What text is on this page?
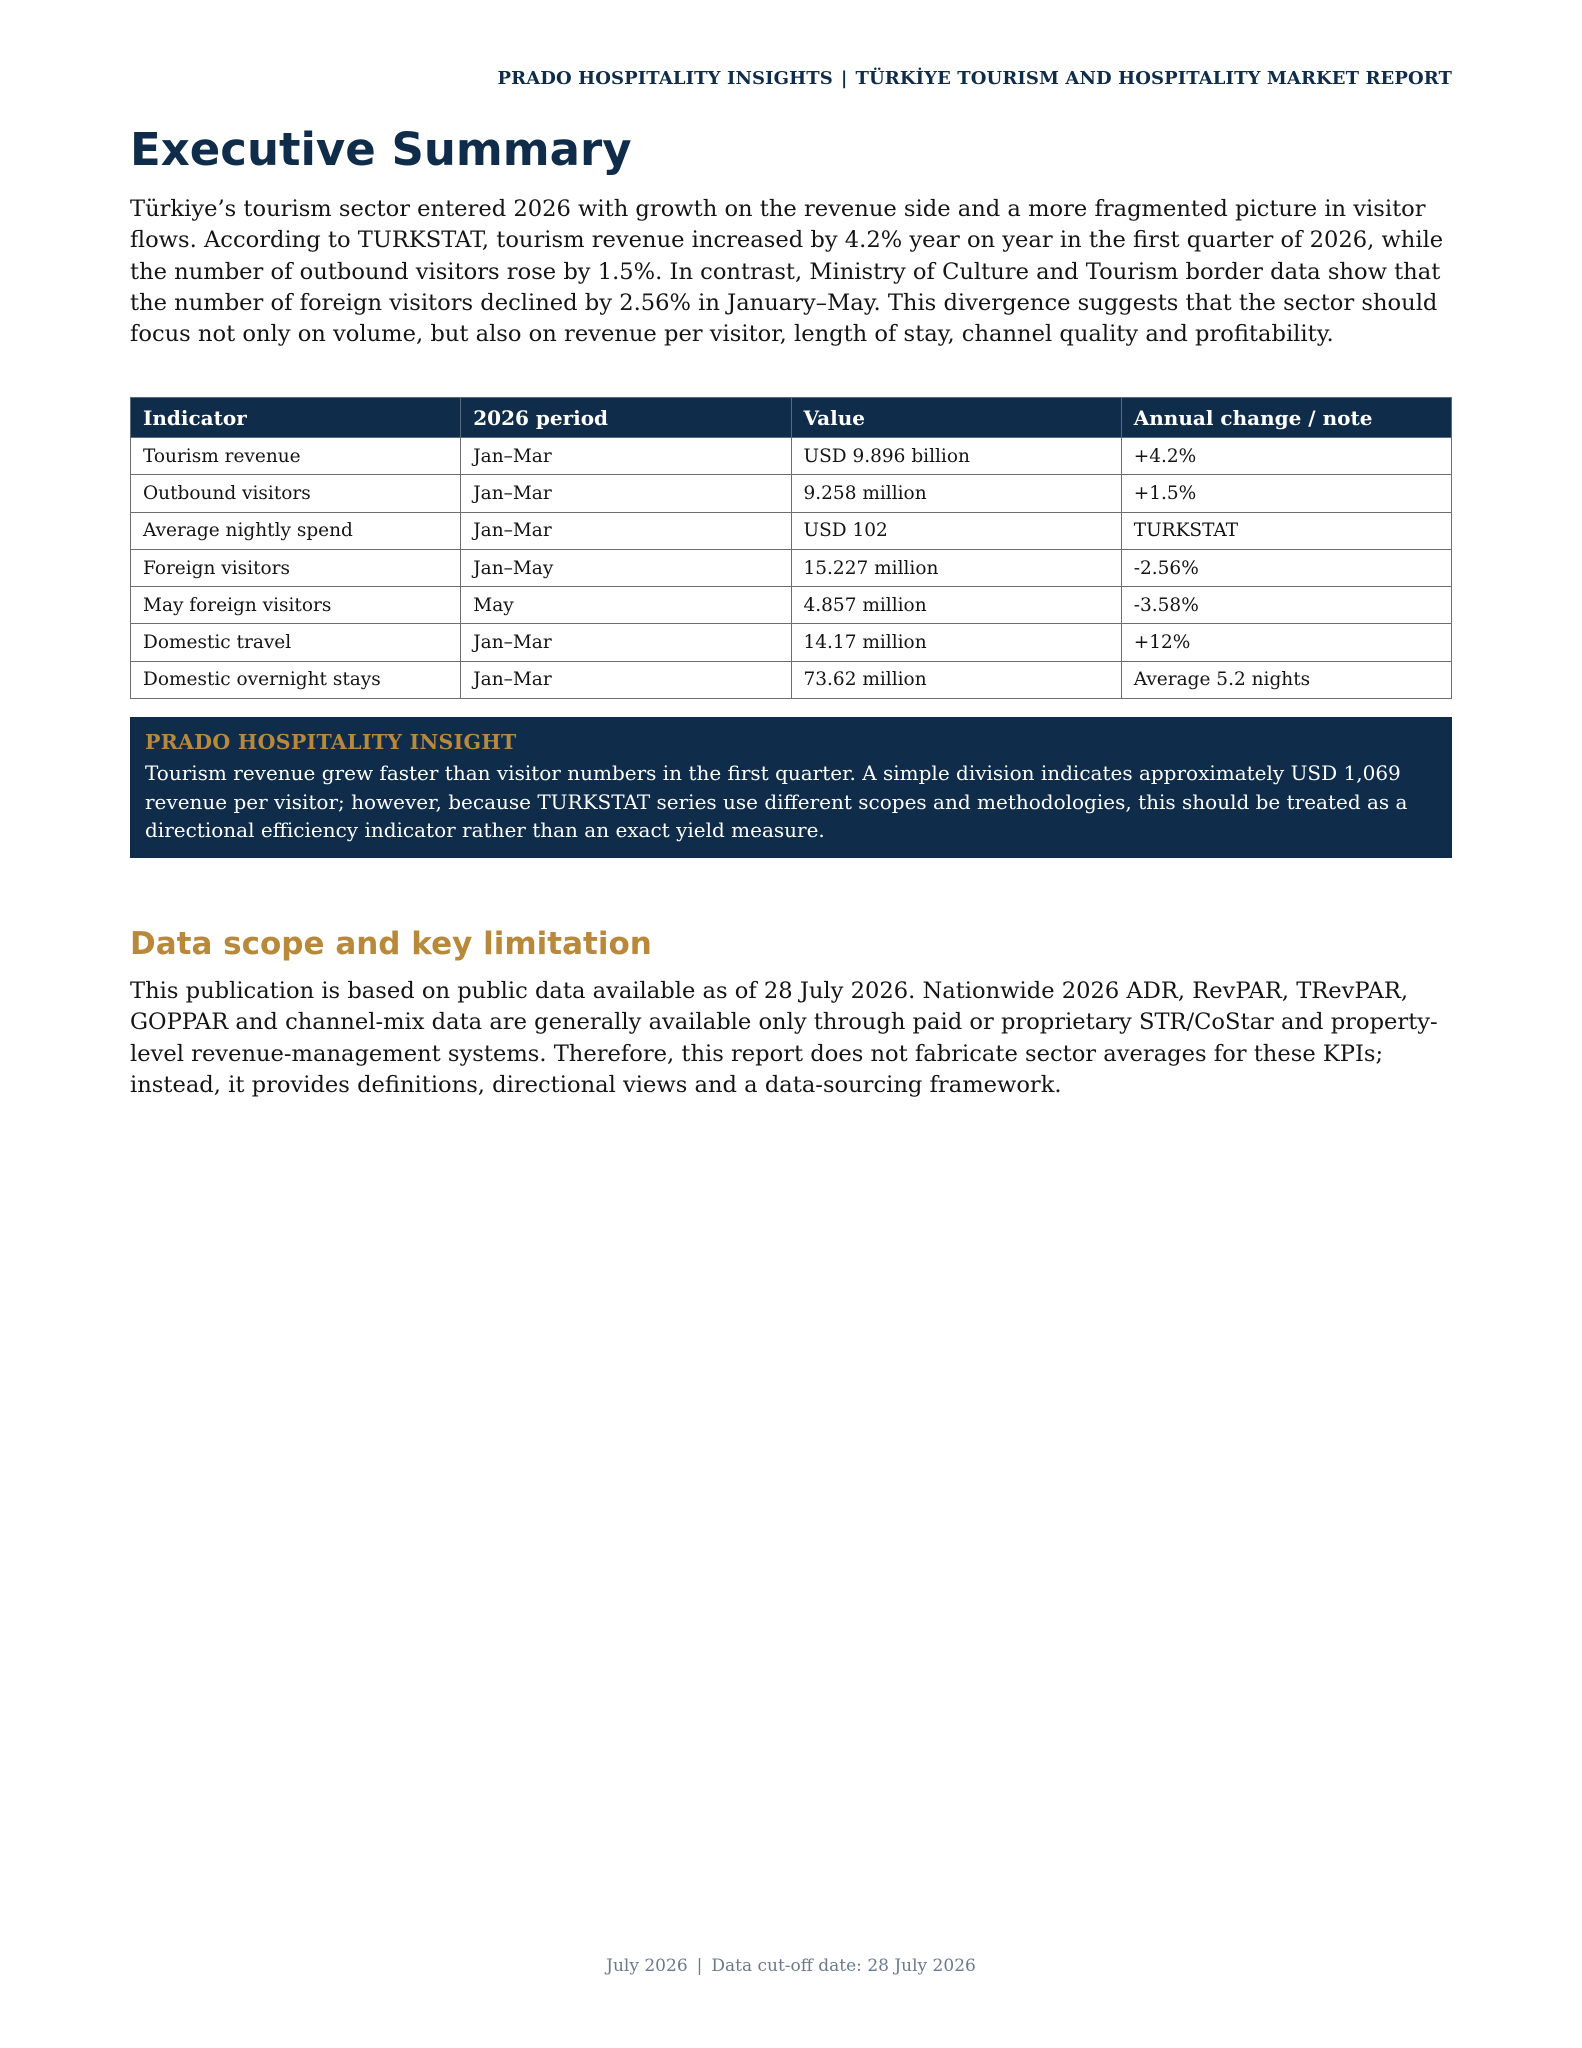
PRADO HOSPITALITY INSIGHTS | TÜRKİYE TOURISM AND HOSPITALITY MARKET REPORT
Executive Summary

Türkiye’s tourism sector entered 2026 with growth on the revenue side and a more fragmented picture in visitor flows. According to TURKSTAT, tourism revenue increased by 4.2% year on year in the first quarter of 2026, while the number of outbound visitors rose by 1.5%. In contrast, Ministry of Culture and Tourism border data show that the number of foreign visitors declined by 2.56% in January–May. This divergence suggests that the sector should focus not only on volume, but also on revenue per visitor, length of stay, channel quality and profitability.

Indicator	2026 period	Value	Annual change / note
Tourism revenue	Jan–Mar	USD 9.896 billion	+4.2%
Outbound visitors	Jan–Mar	9.258 million	+1.5%
Average nightly spend	Jan–Mar	USD 102	TURKSTAT
Foreign visitors	Jan–May	15.227 million	-2.56%
May foreign visitors	May	4.857 million	-3.58%
Domestic travel	Jan–Mar	14.17 million	+12%
Domestic overnight stays	Jan–Mar	73.62 million	Average 5.2 nights
PRADO HOSPITALITY INSIGHT
Tourism revenue grew faster than visitor numbers in the first quarter. A simple division indicates approximately USD 1,069 revenue per visitor; however, because TURKSTAT series use different scopes and methodologies, this should be treated as a directional efficiency indicator rather than an exact yield measure.
Data scope and key limitation

This publication is based on public data available as of 28 July 2026. Nationwide 2026 ADR, RevPAR, TRevPAR, GOPPAR and channel-mix data are generally available only through paid or proprietary STR/CoStar and property-level revenue-management systems. Therefore, this report does not fabricate sector averages for these KPIs; instead, it provides definitions, directional views and a data-sourcing framework.

July 2026 | Data cut-off date: 28 July 2026
